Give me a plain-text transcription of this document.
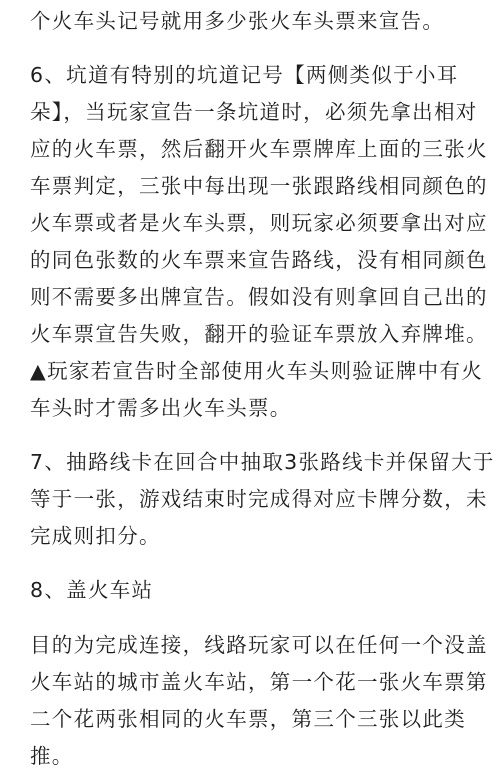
个火车头记号就用多少张火车头票来宣告。
6、坑道有特别的坑道记号【两侧类似于小耳
朵】，当玩家宣告一条坑道时，必须先拿出相对
应的火车票，然后翻开火车票牌库上面的三张火
车票判定，三张中每出现一张跟路线相同颜色的
火车票或者是火车头票，则玩家必须要拿出对应
的同色张数的火车票来宣告路线，没有相同颜色
则不需要多出牌宣告。假如没有则拿回自己出的
火车票宣告失败，翻开的验证车票放入弃牌堆。
▲玩家若宣告时全部使用火车头则验证牌中有火
车头时才需多出火车头票。
7、抽路线卡在回合中抽取3张路线卡并保留大于
等于一张，游戏结束时完成得对应卡牌分数，未
完成则扣分。
8、盖火车站
目的为完成连接，线路玩家可以在任何一个没盖
火车站的城市盖火车站，第一个花一张火车票第
二个花两张相同的火车票，第三个三张以此类
推。
